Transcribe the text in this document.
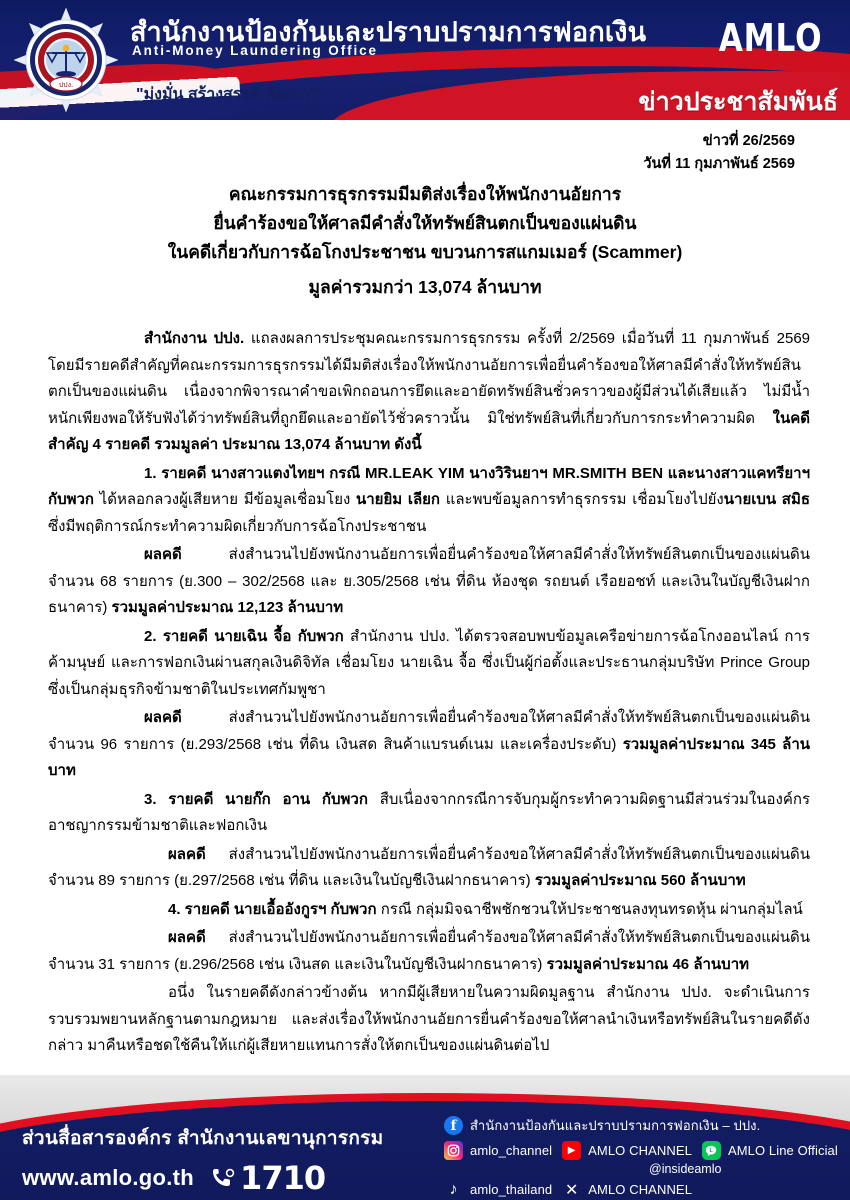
ปปง.
สำนักงานป้องกันและปราบปรามการฟอกเงิน
Anti-Money Laundering Office
"มุ่งมั่น สร้างสรรค์ พัฒนา"
AMLO
ข่าวประชาสัมพันธ์
ข่าวที่ 26/2569
วันที่ 11 กุมภาพันธ์ 2569
คณะกรรมการธุรกรรมมีมติส่งเรื่องให้พนักงานอัยการ
ยื่นคำร้องขอให้ศาลมีคำสั่งให้ทรัพย์สินตกเป็นของแผ่นดิน
ในคดีเกี่ยวกับการฉ้อโกงประชาชน ขบวนการสแกมเมอร์ (Scammer)
มูลค่ารวมกว่า 13,074 ล้านบาท

สำนักงาน ปปง. แถลงผลการประชุมคณะกรรมการธุรกรรม ครั้งที่ 2/2569 เมื่อวันที่ 11 กุมภาพันธ์ 2569 โดยมีรายคดีสำคัญที่คณะกรรมการธุรกรรมได้มีมติส่งเรื่องให้พนักงานอัยการเพื่อยื่นคำร้องขอให้ศาลมีคำสั่งให้ทรัพย์สินตกเป็นของแผ่นดิน เนื่องจากพิจารณาคำขอเพิกถอนการยึดและอายัดทรัพย์สินชั่วคราวของผู้มีส่วนได้เสียแล้ว ไม่มีน้ำหนักเพียงพอให้รับฟังได้ว่าทรัพย์สินที่ถูกยึดและอายัดไว้ชั่วคราวนั้น มิใช่ทรัพย์สินที่เกี่ยวกับการกระทำความผิด ในคดีสำคัญ 4 รายคดี รวมมูลค่า ประมาณ 13,074 ล้านบาท ดังนี้

1. รายคดี นางสาวแตงไทยฯ กรณี MR.LEAK YIM นางวิรินยาฯ MR.SMITH BEN และนางสาวแคทรียาฯ กับพวก ได้หลอกลวงผู้เสียหาย มีข้อมูลเชื่อมโยง นายยิม เลียก และพบข้อมูลการทำธุรกรรม เชื่อมโยงไปยังนายเบน สมิธ ซึ่งมีพฤติการณ์กระทำความผิดเกี่ยวกับการฉ้อโกงประชาชน

ผลคดี ส่งสำนวนไปยังพนักงานอัยการเพื่อยื่นคำร้องขอให้ศาลมีคำสั่งให้ทรัพย์สินตกเป็นของแผ่นดิน จำนวน 68 รายการ (ย.300 – 302/2568 และ ย.305/2568 เช่น ที่ดิน ห้องชุด รถยนต์ เรือยอชท์ และเงินในบัญชีเงินฝากธนาคาร) รวมมูลค่าประมาณ 12,123 ล้านบาท

2. รายคดี นายเฉิน จื้อ กับพวก สำนักงาน ปปง. ได้ตรวจสอบพบข้อมูลเครือข่ายการฉ้อโกงออนไลน์ การค้ามนุษย์ และการฟอกเงินผ่านสกุลเงินดิจิทัล เชื่อมโยง นายเฉิน จื้อ ซึ่งเป็นผู้ก่อตั้งและประธานกลุ่มบริษัท Prince Group ซึ่งเป็นกลุ่มธุรกิจข้ามชาติในประเทศกัมพูชา

ผลคดี ส่งสำนวนไปยังพนักงานอัยการเพื่อยื่นคำร้องขอให้ศาลมีคำสั่งให้ทรัพย์สินตกเป็นของแผ่นดิน จำนวน 96 รายการ (ย.293/2568 เช่น ที่ดิน เงินสด สินค้าแบรนด์เนม และเครื่องประดับ) รวมมูลค่าประมาณ 345 ล้านบาท

3. รายคดี นายก๊ก อาน กับพวก สืบเนื่องจากกรณีการจับกุมผู้กระทำความผิดฐานมีส่วนร่วมในองค์กรอาชญากรรมข้ามชาติและฟอกเงิน

ผลคดี ส่งสำนวนไปยังพนักงานอัยการเพื่อยื่นคำร้องขอให้ศาลมีคำสั่งให้ทรัพย์สินตกเป็นของแผ่นดิน จำนวน 89 รายการ (ย.297/2568 เช่น ที่ดิน และเงินในบัญชีเงินฝากธนาคาร) รวมมูลค่าประมาณ 560 ล้านบาท

4. รายคดี นายเอื้ออังกูรฯ กับพวก กรณี กลุ่มมิจฉาชีพชักชวนให้ประชาชนลงทุนทรดหุ้น ผ่านกลุ่มไลน์

ผลคดี ส่งสำนวนไปยังพนักงานอัยการเพื่อยื่นคำร้องขอให้ศาลมีคำสั่งให้ทรัพย์สินตกเป็นของแผ่นดิน จำนวน 31 รายการ (ย.296/2568 เช่น เงินสด และเงินในบัญชีเงินฝากธนาคาร) รวมมูลค่าประมาณ 46 ล้านบาท

อนึ่ง ในรายคดีดังกล่าวข้างต้น หากมีผู้เสียหายในความผิดมูลฐาน สำนักงาน ปปง. จะดำเนินการรวบรวมพยานหลักฐานตามกฎหมาย และส่งเรื่องให้พนักงานอัยการยื่นคำร้องขอให้ศาลนำเงินหรือทรัพย์สินในรายคดีดังกล่าว มาคืนหรือชดใช้คืนให้แก่ผู้เสียหายแทนการสั่งให้ตกเป็นของแผ่นดินต่อไป

ส่วนสื่อสารองค์กร สำนักงานเลขานุการกรม
www.amlo.go.th 1710
f	สำนักงานป้องกันและปราบปรามการฟอกเงิน – ปปง.
amlo_channel	▶ AMLO CHANNEL	L AMLO Line Official
@insideamlo
♪ amlo_thailand ✕ AMLO CHANNEL
